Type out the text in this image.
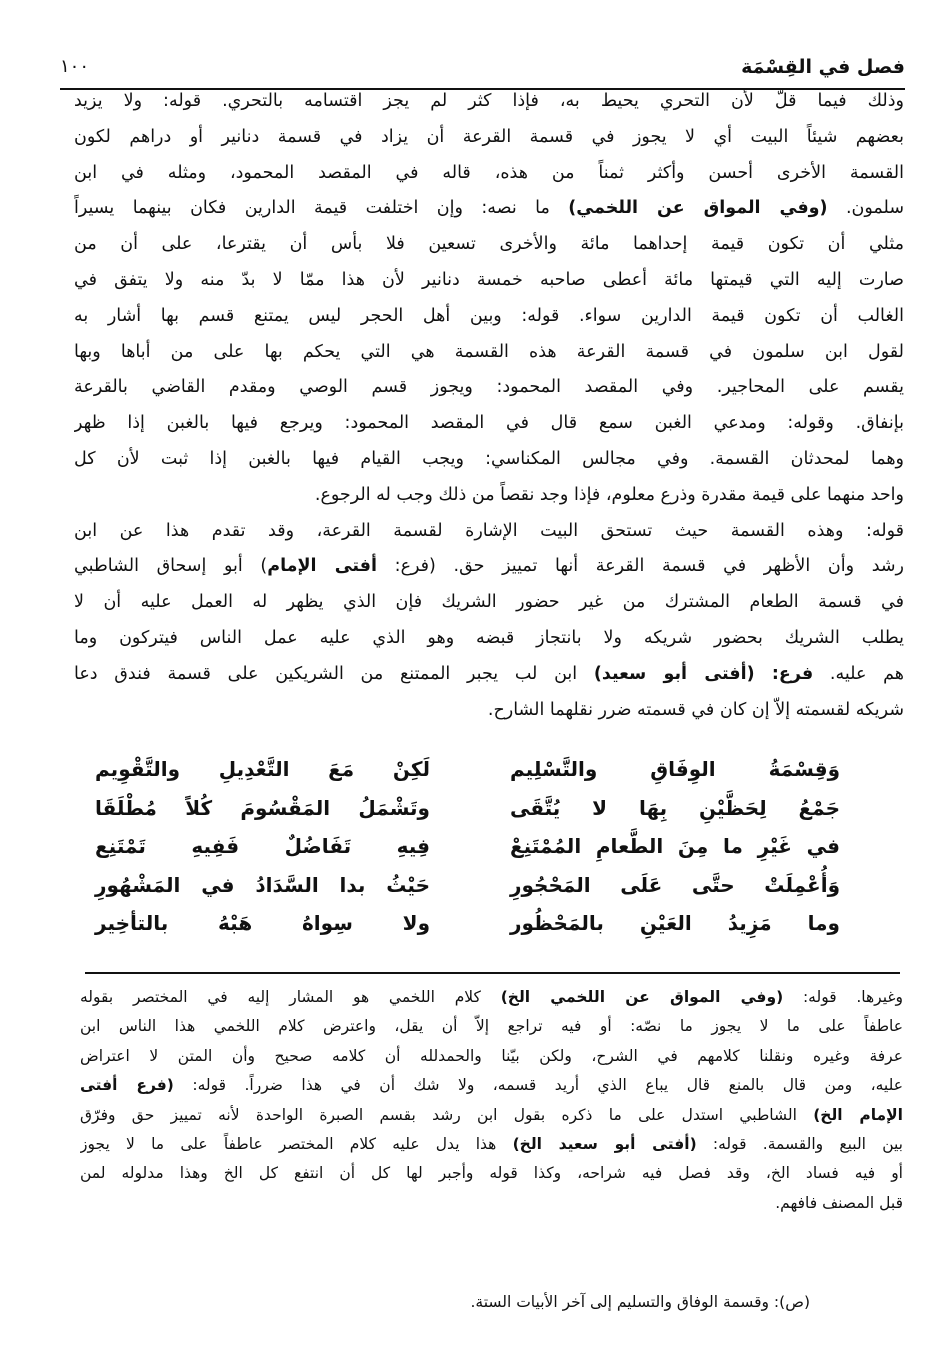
فصل في القِسْمَة
١٠٠
وذلك فيما قلّ لأن التحري يحيط به، فإذا كثر لم يجز اقتسامه بالتحري. قوله: ولا يزيد
بعضهم شيئاً البيت أي لا يجوز في قسمة القرعة أن يزاد في قسمة دنانير أو دراهم لكون
القسمة الأخرى أحسن وأكثر ثمناً من هذه، قاله في المقصد المحمود، ومثله في ابن
سلمون. (وفي المواق عن اللخمي) ما نصه: وإن اختلفت قيمة الدارين فكان بينهما يسيراً
مثلي أن تكون قيمة إحداهما مائة والأخرى تسعين فلا بأس أن يقترعا، على أن من
صارت إليه التي قيمتها مائة أعطى صاحبه خمسة دنانير لأن هذا ممّا لا بدّ منه ولا يتفق في
الغالب أن تكون قيمة الدارين سواء. قوله: وبين أهل الحجر ليس يمتنع قسم بها أشار به
لقول ابن سلمون في قسمة القرعة هذه القسمة هي التي يحكم بها على من أباها وبها
يقسم على المحاجير. وفي المقصد المحمود: ويجوز قسم الوصي ومقدم القاضي بالقرعة
بإنفاق. وقوله: ومدعي الغبن سمع قال في المقصد المحمود: ويرجع فيها بالغبن إذا ظهر
وهما لمحدثان القسمة. وفي مجالس المكناسي: ويجب القيام فيها بالغبن إذا ثبت لأن كل
واحد منهما على قيمة مقدرة وذرع معلوم، فإذا وجد نقصاً من ذلك وجب له الرجوع.
قوله: وهذه القسمة حيث تستحق البيت الإشارة لقسمة القرعة، وقد تقدم هذا عن ابن
رشد وأن الأظهر في قسمة القرعة أنها تمييز حق. (فرع: أفتى الإمام) أبو إسحاق الشاطبي
في قسمة الطعام المشترك من غير حضور الشريك فإن الذي يظهر له العمل عليه أن لا
يطلب الشريك بحضور شريكه ولا بانتجاز قبضه وهو الذي عليه عمل الناس فيتركون وما
هم عليه. فرع: (أفتى أبو سعيد) ابن لب يجبر الممتنع من الشريكين على قسمة فندق دعا
شريكه لقسمته إلاّ إن كان في قسمته ضرر نقلهما الشارح.
وَقِسْمَةُ الوِفَاقِ والتَّسْلِيم
لَكِنْ مَعَ التَّعْدِيلِ والتَّقْوِيم
جَمْعُ لِحَظَّيْنِ بِهَا لا يُتَّقَى
وتَشْمَلُ المَقْسُومَ كُلاً مُطْلَقَا
في غَيْرِ ما مِنَ الطَّعامِ المُمْتَنِعْ
فِيهِ تَفَاضُلٌ فَفِيهِ تَمْتَنِع
وَأُعْمِلَتْ حتَّى عَلَى المَحْجُورِ
حَيْثُ بدا السَّدَادُ في المَشْهُورِ
وما مَزِيدُ العَيْنِ بالمَحْظُور
ولا سِواهُ هَبْهُ بالتأخِير
وغيرها. قوله: (وفي المواق عن اللخمي الخ) كلام اللخمي هو المشار إليه في المختصر بقوله
عاطفاً على ما لا يجوز ما نصّه: أو فيه تراجع إلاّ أن يقل، واعترض كلام اللخمي هذا الناس ابن
عرفة وغيره ونقلنا كلامهم في الشرح، ولكن بيّنا والحمدلله أن كلامه صحيح وأن المتن لا اعتراض
عليه، ومن قال بالمنع قال يباع الذي أريد قسمه، ولا شك أن في هذا ضرراً. قوله: (فرع أفتى
الإمام الخ) الشاطبي استدل على ما ذكره بقول ابن رشد بقسم الصبرة الواحدة لأنه تمييز حق وفرّق
بين البيع والقسمة. قوله: (أفتى أبو سعيد الخ) هذا يدل عليه كلام المختصر عاطفاً على ما لا يجوز
أو فيه فساد الخ، وقد فصل فيه شراحه، وكذا قوله وأجبر لها كل أن انتفع كل الخ وهذا مدلوله لمن
قبل المصنف فافهم.
(ص): وقسمة الوفاق والتسليم إلى آخر الأبيات الستة.
